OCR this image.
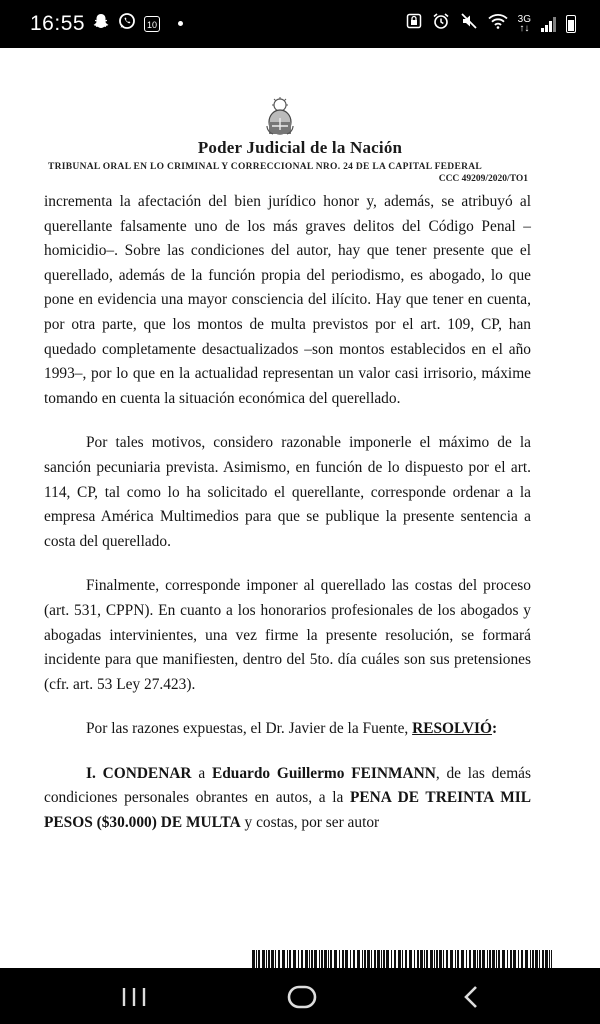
16:55	10	3G
↑↓
Poder Judicial de la Nación
TRIBUNAL ORAL EN LO CRIMINAL Y CORRECCIONAL NRO. 24 DE LA CAPITAL FEDERAL
CCC 49209/2020/TO1

incrementa la afectación del bien jurídico honor y, además, se atribuyó al querellante falsamente uno de los más graves delitos del Código Penal –homicidio–. Sobre las condiciones del autor, hay que tener presente que el querellado, además de la función propia del periodismo, es abogado, lo que pone en evidencia una mayor consciencia del ilícito. Hay que tener en cuenta, por otra parte, que los montos de multa previstos por el art. 109, CP, han quedado completamente desactualizados –son montos establecidos en el año 1993–, por lo que en la actualidad representan un valor casi irrisorio, máxime tomando en cuenta la situación económica del querellado.

Por tales motivos, considero razonable imponerle el máximo de la sanción pecuniaria prevista. Asimismo, en función de lo dispuesto por el art. 114, CP, tal como lo ha solicitado el querellante, corresponde ordenar a la empresa América Multimedios para que se publique la presente sentencia a costa del querellado.

Finalmente, corresponde imponer al querellado las costas del proceso (art. 531, CPPN). En cuanto a los honorarios profesionales de los abogados y abogadas intervinientes, una vez firme la presente resolución, se formará incidente para que manifiesten, dentro del 5to. día cuáles son sus pretensiones (cfr. art. 53 Ley 27.423).

Por las razones expuestas, el Dr. Javier de la Fuente, RESOLVIÓ:

I. CONDENAR a Eduardo Guillermo FEINMANN, de las demás condiciones personales obrantes en autos, a la PENA DE TREINTA MIL PESOS ($30.000) DE MULTA y costas, por ser autor
